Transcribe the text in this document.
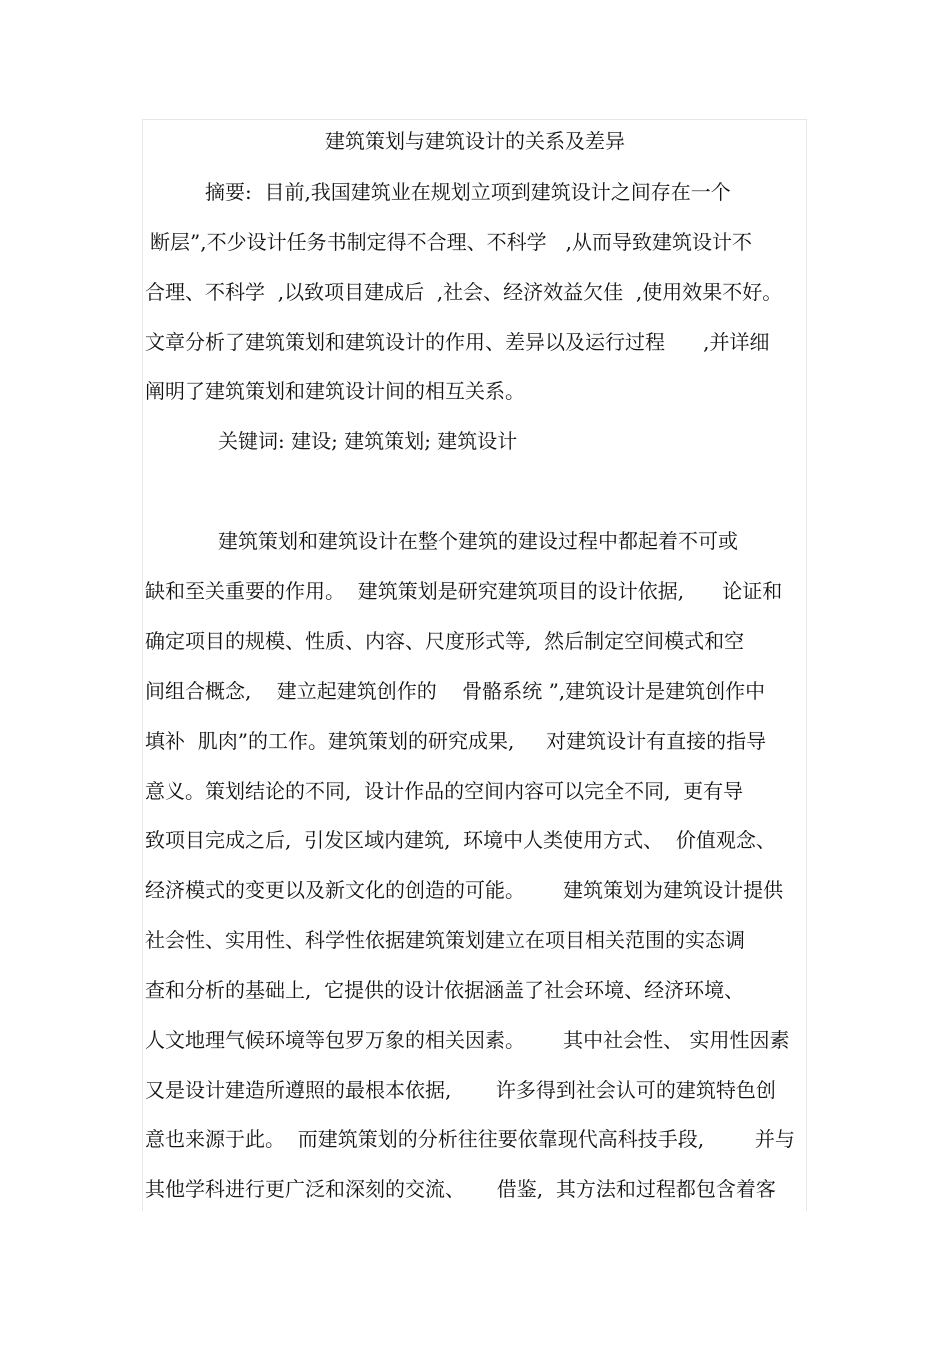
建筑策划与建筑设计的关系及差异
摘要:  目前,我国建筑业在规划立项到建筑设计之间存在一个
断层”,不少设计任务书制定得不合理、不科学   ,从而导致建筑设计不
合理、不科学  ,以致项目建成后  ,社会、经济效益欠佳  ,使用效果不好。
文章分析了建筑策划和建筑设计的作用、差异以及运行过程      ,并详细
阐明了建筑策划和建筑设计间的相互关系。
关键词: 建设; 建筑策划; 建筑设计
建筑策划和建筑设计在整个建筑的建设过程中都起着不可或
缺和至关重要的作用。  建筑策划是研究建筑项目的设计依据,      论证和
确定项目的规模、性质、内容、尺度形式等,  然后制定空间模式和空
间组合概念,    建立起建筑创作的    骨骼系统 ”,建筑设计是建筑创作中
填补  肌肉”的工作。建筑策划的研究成果,     对建筑设计有直接的指导
意义。策划结论的不同,  设计作品的空间内容可以完全不同,  更有导
致项目完成之后,  引发区域内建筑,  环境中人类使用方式、  价值观念、
经济模式的变更以及新文化的创造的可能。      建筑策划为建筑设计提供
社会性、实用性、科学性依据建筑策划建立在项目相关范围的实态调
查和分析的基础上,  它提供的设计依据涵盖了社会环境、经济环境、
人文地理气候环境等包罗万象的相关因素。      其中社会性、 实用性因素
又是设计建造所遵照的最根本依据,       许多得到社会认可的建筑特色创
意也来源于此。  而建筑策划的分析往往要依靠现代高科技手段,        并与
其他学科进行更广泛和深刻的交流、     借鉴,  其方法和过程都包含着客
